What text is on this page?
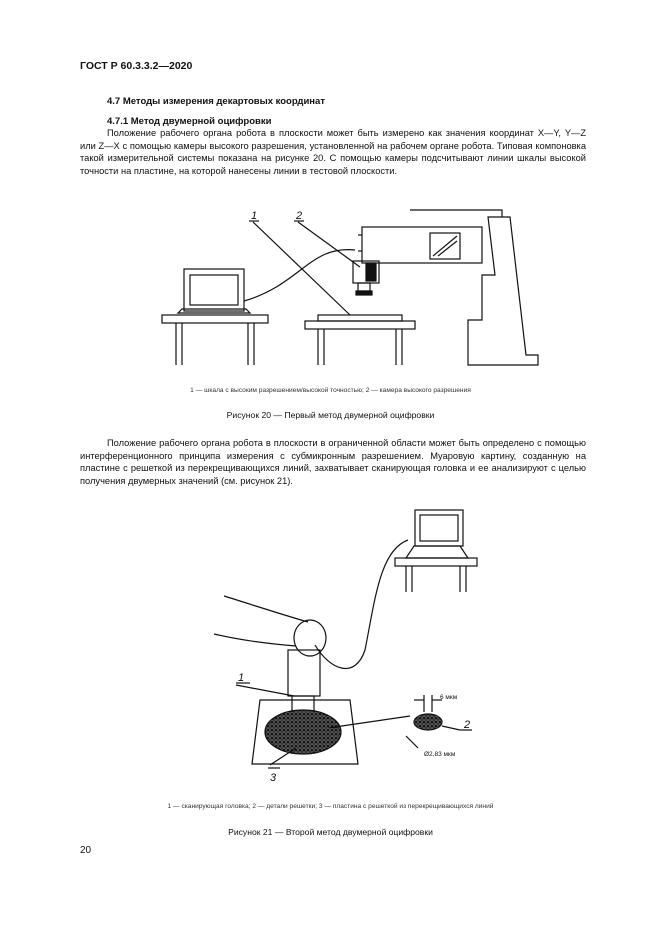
ГОСТ Р 60.3.3.2—2020
4.7 Методы измерения декартовых координат
4.7.1 Метод двумерной оцифровки

Положение рабочего органа робота в плоскости может быть измерено как значения координат X—Y, Y—Z или Z—X с помощью камеры высокого разрешения, установленной на рабочем органе робота. Типовая компоновка такой измерительной системы показана на рисунке 20. С помощью камеры подсчитывают линии шкалы высокой точности на пластине, на которой нанесены линии в тестовой плоскости.

1	2
1 — шкала с высоким разрешением/высокой точностью; 2 — камера высокого разрешения
Рисунок 20 — Первый метод двумерной оцифровки

Положение рабочего органа робота в плоскости в ограниченной области может быть определено с помощью интерференционного принципа измерения с субмикронным разрешением. Муаровую картину, созданную на пластине с решеткой из перекрещивающихся линий, захватывает сканирующая головка и ее анализируют с целью получения двумерных значений (см. рисунок 21).

6 мкм
Ø2,83 мкм
1
2
3
1 — сканирующая головка; 2 — детали решетки; 3 — пластина с решеткой из перекрещивающихся линий
Рисунок 21 — Второй метод двумерной оцифровки
20
